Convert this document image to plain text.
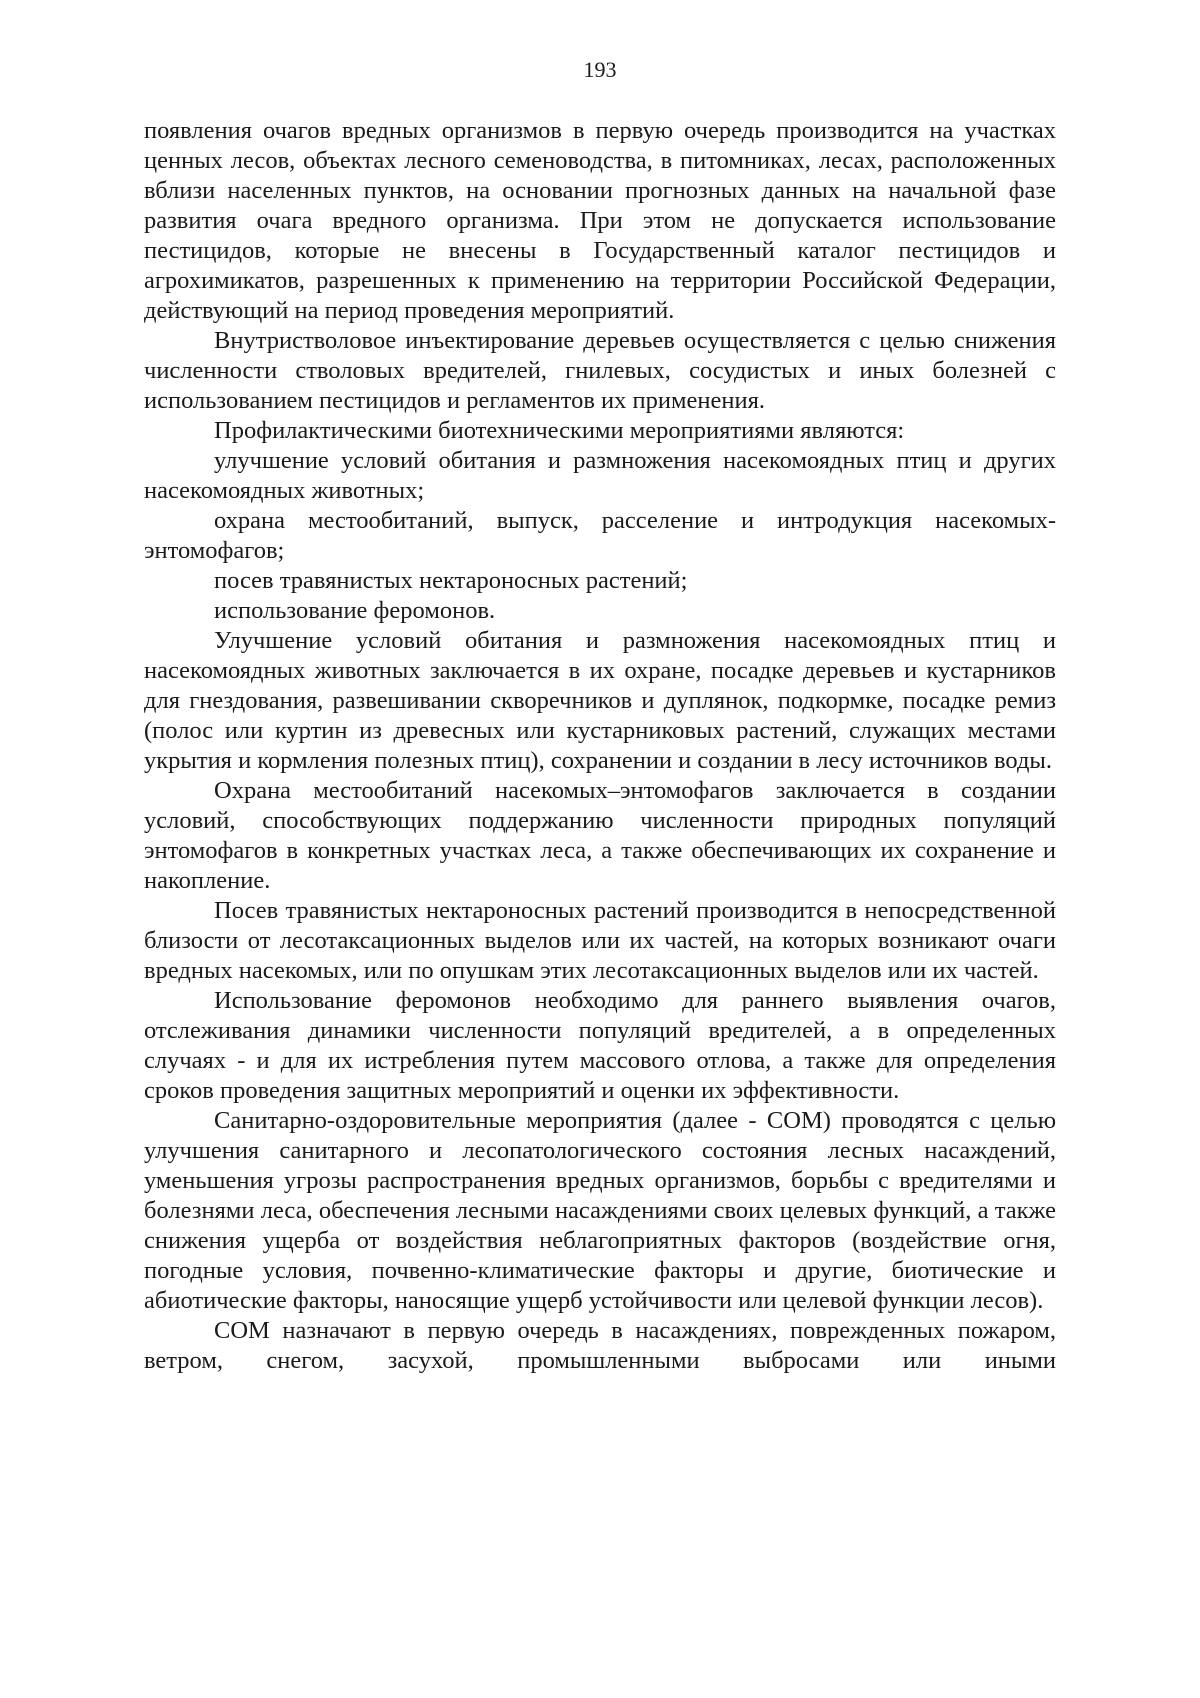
193

появления очагов вредных организмов в первую очередь производится на участках ценных лесов, объектах лесного семеноводства, в питомниках, лесах, расположенных вблизи населенных пунктов, на основании прогнозных данных на начальной фазе развития очага вредного организма. При этом не допускается использование пестицидов, которые не внесены в Государственный каталог пестицидов и агрохимикатов, разрешенных к применению на территории Российской Федерации, действующий на период проведения мероприятий.

Внутристволовое инъектирование деревьев осуществляется с целью снижения численности стволовых вредителей, гнилевых, сосудистых и иных болезней с использованием пестицидов и регламентов их применения.

Профилактическими биотехническими мероприятиями являются:

улучшение условий обитания и размножения насекомоядных птиц и других насекомоядных животных;

охрана местообитаний, выпуск, расселение и интродукция насекомых-энтомофагов;

посев травянистых нектароносных растений;

использование феромонов.

Улучшение условий обитания и размножения насекомоядных птиц и насекомоядных животных заключается в их охране, посадке деревьев и кустарников для гнездования, развешивании скворечников и дуплянок, подкормке, посадке ремиз (полос или куртин из древесных или кустарниковых растений, служащих местами укрытия и кормления полезных птиц), сохранении и создании в лесу источников воды.

Охрана местообитаний насекомых–энтомофагов заключается в создании условий, способствующих поддержанию численности природных популяций энтомофагов в конкретных участках леса, а также обеспечивающих их сохранение и накопление.

Посев травянистых нектароносных растений производится в непосредственной близости от лесотаксационных выделов или их частей, на которых возникают очаги вредных насекомых, или по опушкам этих лесотаксационных выделов или их частей.

Использование феромонов необходимо для раннего выявления очагов, отслеживания динамики численности популяций вредителей, а в определенных случаях - и для их истребления путем массового отлова, а также для определения сроков проведения защитных мероприятий и оценки их эффективности.

Санитарно-оздоровительные мероприятия (далее - СОМ) проводятся с целью улучшения санитарного и лесопатологического состояния лесных насаждений, уменьшения угрозы распространения вредных организмов, борьбы с вредителями и болезнями леса, обеспечения лесными насаждениями своих целевых функций, а также снижения ущерба от воздействия неблагоприятных факторов (воздействие огня, погодные условия, почвенно-климатические факторы и другие, биотические и абиотические факторы, наносящие ущерб устойчивости или целевой функции лесов).

СОМ назначают в первую очередь в насаждениях, поврежденных пожаром, ветром, снегом, засухой, промышленными выбросами или иными
